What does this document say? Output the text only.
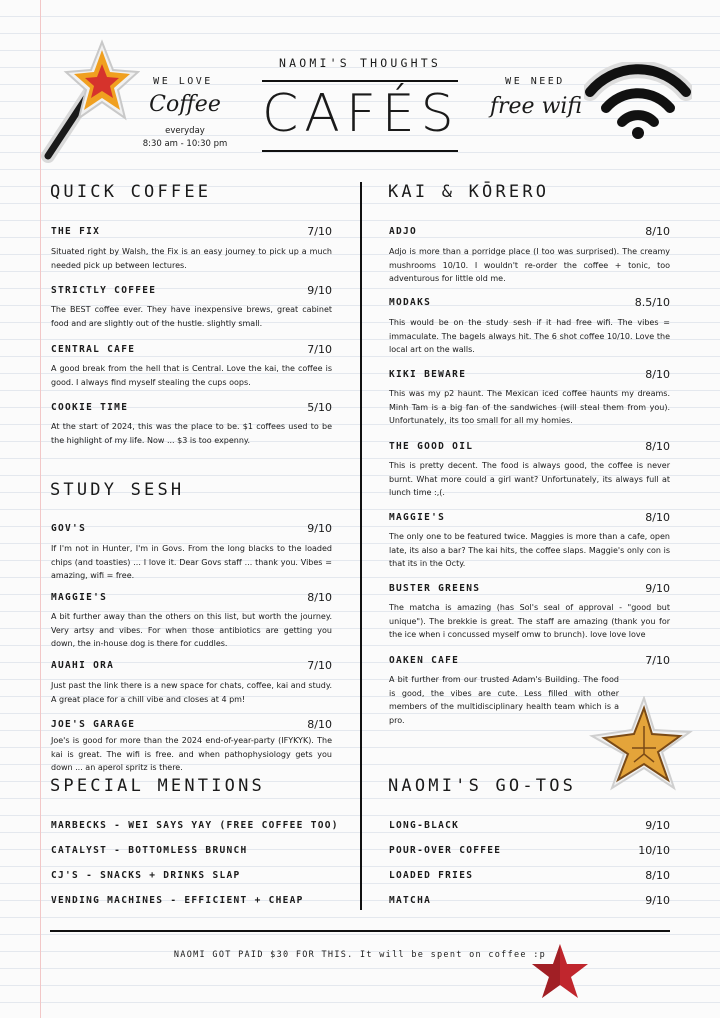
NAOMI'S THOUGHTS
CAFÉS
WE LOVE
Coffee
everyday
8:30 am - 10:30 pm
WE NEED
free wifi
QUICK COFFEE
THE FIX	7/10
Situated right by Walsh, the Fix is an easy journey to pick up a much needed pick up between lectures.
STRICTLY COFFEE	9/10
The BEST coffee ever. They have inexpensive brews, great cabinet food and are slightly out of the hustle. slightly small.
CENTRAL CAFE	7/10
A good break from the hell that is Central. Love the kai, the coffee is good. I always find myself stealing the cups oops.
COOKIE TIME	5/10
At the start of 2024, this was the place to be. $1 coffees used to be the highlight of my life. Now ... $3 is too expenny.
STUDY SESH
GOV'S	9/10
If I'm not in Hunter, I'm in Govs. From the long blacks to the loaded chips (and toasties) ... I love it. Dear Govs staff ... thank you. Vibes = amazing, wifi = free.
MAGGIE'S	8/10
A bit further away than the others on this list, but worth the journey. Very artsy and vibes. For when those antibiotics are getting you down, the in-house dog is there for cuddles.
AUAHI ORA	7/10
Just past the link there is a new space for chats, coffee, kai and study. A great place for a chill vibe and closes at 4 pm!
JOE'S GARAGE	8/10
Joe's is good for more than the 2024 end-of-year-party (IFYKYK). The kai is great. The wifi is free. and when pathophysiology gets you down ... an aperol spritz is there.
SPECIAL MENTIONS
MARBECKS - WEI SAYS YAY (FREE COFFEE TOO)
CATALYST - BOTTOMLESS BRUNCH
CJ'S - SNACKS + DRINKS SLAP
VENDING MACHINES - EFFICIENT + CHEAP
KAI & KŌRERO
ADJO	8/10
Adjo is more than a porridge place (I too was surprised). The creamy mushrooms 10/10. I wouldn't re-order the coffee + tonic, too adventurous for little old me.
MODAKS	8.5/10
This would be on the study sesh if it had free wifi. The vibes = immaculate. The bagels always hit. The 6 shot coffee 10/10. Love the local art on the walls.
KIKI BEWARE	8/10
This was my p2 haunt. The Mexican iced coffee haunts my dreams. Minh Tam is a big fan of the sandwiches (will steal them from you). Unfortunately, its too small for all my homies.
THE GOOD OIL	8/10
This is pretty decent. The food is always good, the coffee is never burnt. What more could a girl want? Unfortunately, its always full at lunch time :,(.
MAGGIE'S	8/10
The only one to be featured twice. Maggies is more than a cafe, open late, its also a bar? The kai hits, the coffee slaps. Maggie's only con is that its in the Octy.
BUSTER GREENS	9/10
The matcha is amazing (has Sol's seal of approval - "good but unique"). The brekkie is great. The staff are amazing (thank you for the ice when i concussed myself omw to brunch). love love love
OAKEN CAFE	7/10
A bit further from our trusted Adam's Building. The food is good, the vibes are cute. Less filled with other members of the multidisciplinary health team which is a pro.
NAOMI'S GO-TOS
LONG-BLACK	9/10
POUR-OVER COFFEE	10/10
LOADED FRIES	8/10
MATCHA	9/10
NAOMI GOT PAID $30 FOR THIS. It will be spent on coffee :p
